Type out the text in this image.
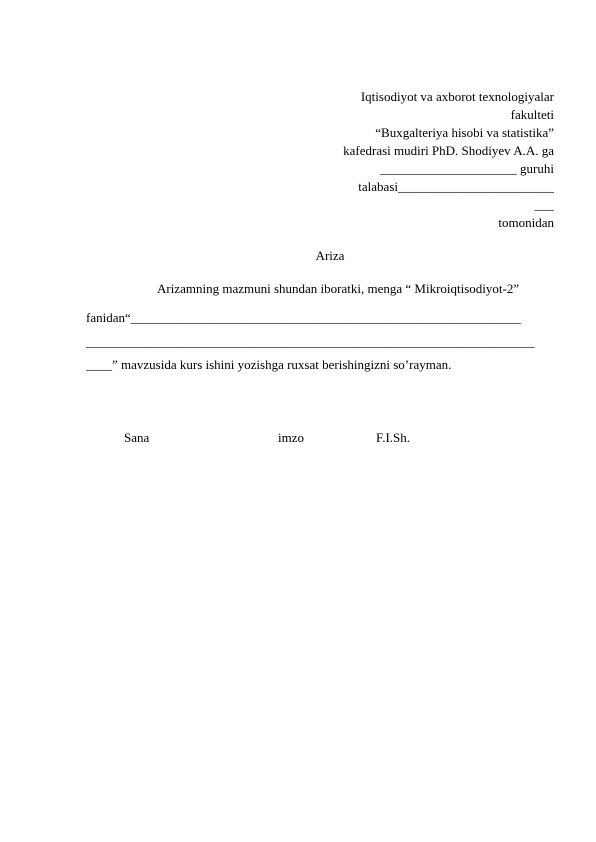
Iqtisodiyot va axborot texnologiyalar
fakulteti
“Buxgalteriya hisobi va statistika”
kafedrasi mudiri PhD. Shodiyev A.A. ga
_____________________ guruhi
talabasi________________________
___
tomonidan
Ariza
Arizamning mazmuni shundan iboratki, menga “ Mikroiqtisodiyot-2”
fanidan“____________________________________________________________
_____________________________________________________________________
____” mavzusida kurs ishini yozishga ruxsat berishingizni so’rayman.
Sana	imzo	F.I.Sh.
